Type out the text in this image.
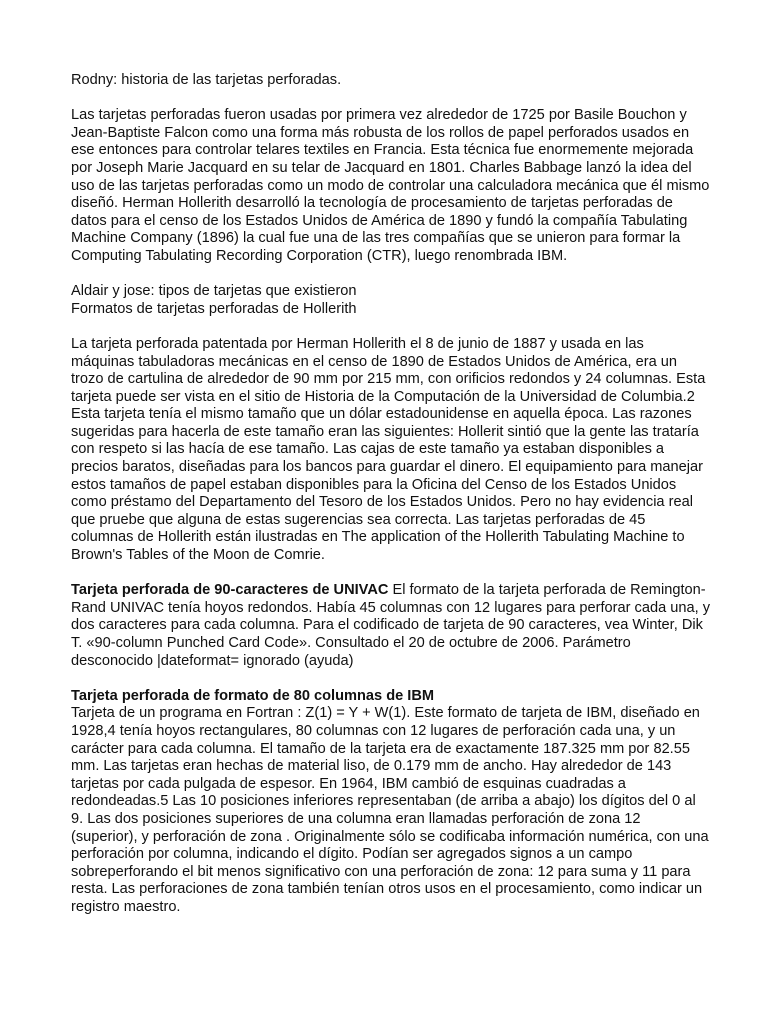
Rodny: historia de las tarjetas perforadas.

Las tarjetas perforadas fueron usadas por primera vez alrededor de 1725 por Basile Bouchon y Jean-Baptiste Falcon como una forma más robusta de los rollos de papel perforados usados en ese entonces para controlar telares textiles en Francia. Esta técnica fue enormemente mejorada por Joseph Marie Jacquard en su telar de Jacquard en 1801. Charles Babbage lanzó la idea del uso de las tarjetas perforadas como un modo de controlar una calculadora mecánica que él mismo diseñó. Herman Hollerith desarrolló la tecnología de procesamiento de tarjetas perforadas de datos para el censo de los Estados Unidos de América de 1890 y fundó la compañía Tabulating Machine Company (1896) la cual fue una de las tres compañías que se unieron para formar la Computing Tabulating Recording Corporation (CTR), luego renombrada IBM.

Aldair y jose: tipos de tarjetas que existieron
Formatos de tarjetas perforadas de Hollerith

La tarjeta perforada patentada por Herman Hollerith el 8 de junio de 1887 y usada en las máquinas tabuladoras mecánicas en el censo de 1890 de Estados Unidos de América, era un trozo de cartulina de alrededor de 90 mm por 215 mm, con orificios redondos y 24 columnas. Esta tarjeta puede ser vista en el sitio de Historia de la Computación de la Universidad de Columbia.2 Esta tarjeta tenía el mismo tamaño que un dólar estadounidense en aquella época. Las razones sugeridas para hacerla de este tamaño eran las siguientes: Hollerit sintió que la gente las trataría con respeto si las hacía de ese tamaño. Las cajas de este tamaño ya estaban disponibles a precios baratos, diseñadas para los bancos para guardar el dinero. El equipamiento para manejar estos tamaños de papel estaban disponibles para la Oficina del Censo de los Estados Unidos como préstamo del Departamento del Tesoro de los Estados Unidos. Pero no hay evidencia real que pruebe que alguna de estas sugerencias sea correcta. Las tarjetas perforadas de 45 columnas de Hollerith están ilustradas en The application of the Hollerith Tabulating Machine to Brown's Tables of the Moon de Comrie.

Tarjeta perforada de 90-caracteres de UNIVAC El formato de la tarjeta perforada de Remington-Rand UNIVAC tenía hoyos redondos. Había 45 columnas con 12 lugares para perforar cada una, y dos caracteres para cada columna. Para el codificado de tarjeta de 90 caracteres, vea Winter, Dik T. «90-column Punched Card Code». Consultado el 20 de octubre de 2006. Parámetro desconocido |dateformat= ignorado (ayuda)

Tarjeta perforada de formato de 80 columnas de IBM
Tarjeta de un programa en Fortran : Z(1) = Y + W(1). Este formato de tarjeta de IBM, diseñado en 1928,4 tenía hoyos rectangulares, 80 columnas con 12 lugares de perforación cada una, y un carácter para cada columna. El tamaño de la tarjeta era de exactamente 187.325 mm por 82.55 mm. Las tarjetas eran hechas de material liso, de 0.179 mm de ancho. Hay alrededor de 143 tarjetas por cada pulgada de espesor. En 1964, IBM cambió de esquinas cuadradas a redondeadas.5 Las 10 posiciones inferiores representaban (de arriba a abajo) los dígitos del 0 al 9. Las dos posiciones superiores de una columna eran llamadas perforación de zona 12 (superior), y perforación de zona . Originalmente sólo se codificaba información numérica, con una perforación por columna, indicando el dígito. Podían ser agregados signos a un campo sobreperforando el bit menos significativo con una perforación de zona: 12 para suma y 11 para resta. Las perforaciones de zona también tenían otros usos en el procesamiento, como indicar un registro maestro.
